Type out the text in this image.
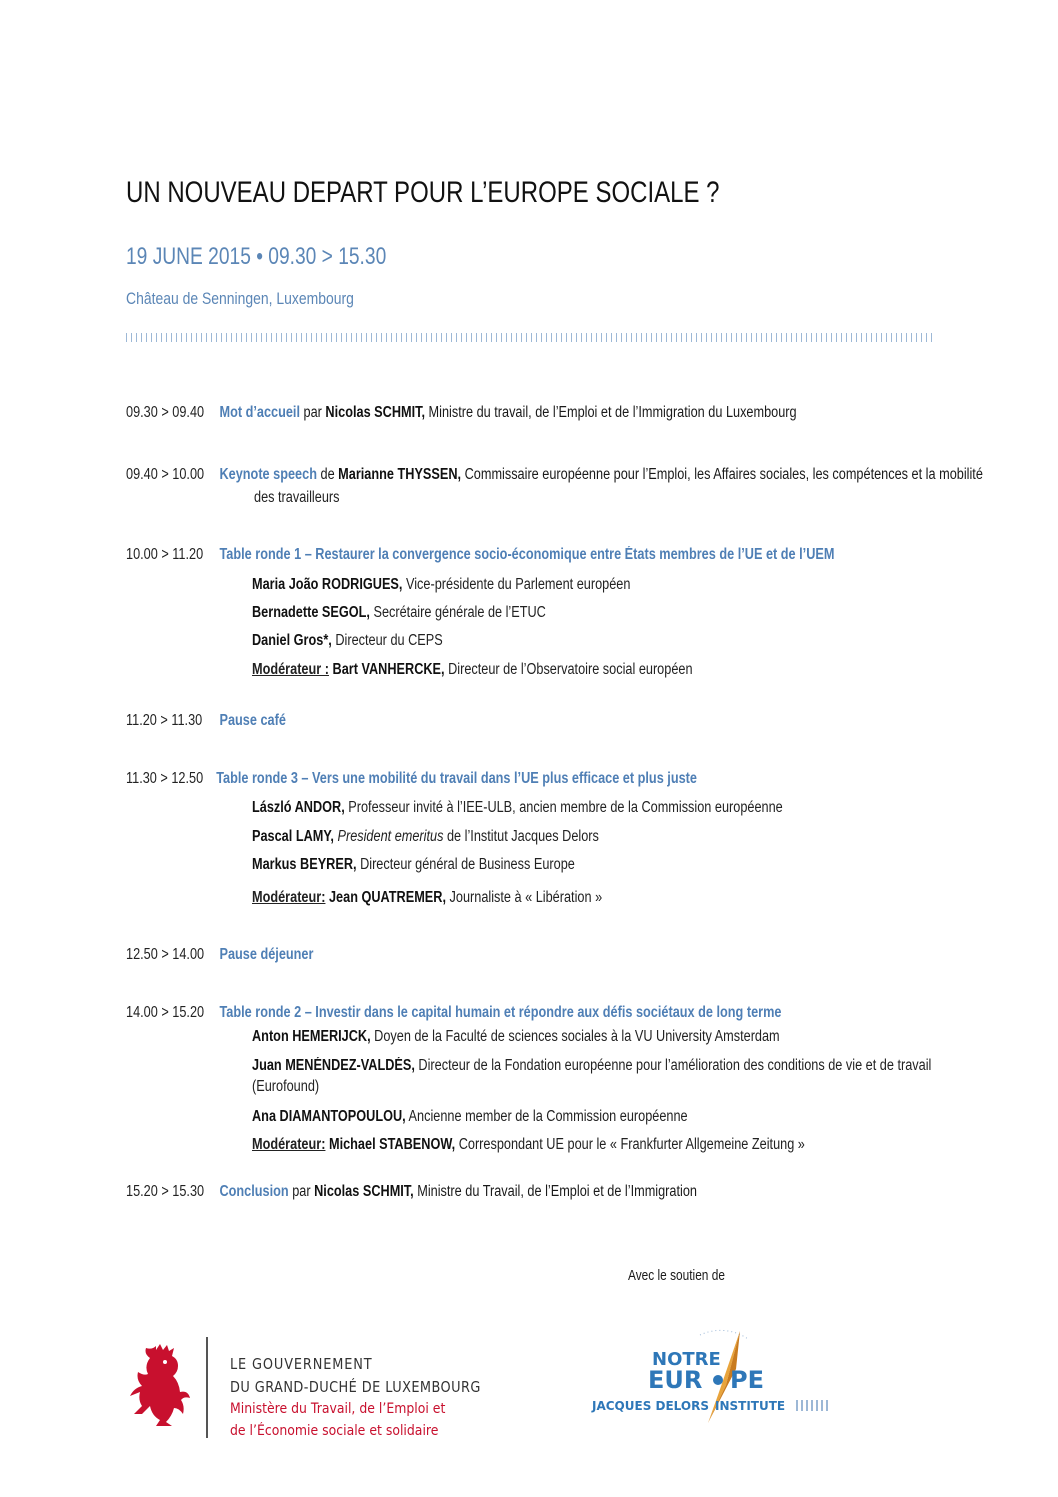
UN NOUVEAU DEPART POUR L’EUROPE SOCIALE ?
19 JUNE 2015 • 09.30 > 15.30
Château de Senningen, Luxembourg
09.30 > 09.40 Mot d’accueil par Nicolas SCHMIT, Ministre du travail, de l’Emploi et de l’Immigration du Luxembourg
09.40 > 10.00 Keynote speech de Marianne THYSSEN, Commissaire européenne pour l’Emploi, les Affaires sociales, les compétences et la mobilité
des travailleurs
10.00 > 11.20 Table ronde 1 – Restaurer la convergence socio-économique entre États membres de l’UE et de l’UEM
Maria João RODRIGUES, Vice-présidente du Parlement européen
Bernadette SEGOL, Secrétaire générale de l’ETUC
Daniel Gros*, Directeur du CEPS
Modérateur : Bart VANHERCKE, Directeur de l’Observatoire social européen
11.20 > 11.30 Pause café
11.30 > 12.50 Table ronde 3 – Vers une mobilité du travail dans l’UE plus efficace et plus juste
László ANDOR, Professeur invité à l’IEE-ULB, ancien membre de la Commission européenne
Pascal LAMY, President emeritus de l’Institut Jacques Delors
Markus BEYRER, Directeur général de Business Europe
Modérateur: Jean QUATREMER, Journaliste à « Libération »
12.50 > 14.00 Pause déjeuner
14.00 > 15.20 Table ronde 2 – Investir dans le capital humain et répondre aux défis sociétaux de long terme
Anton HEMERIJCK, Doyen de la Faculté de sciences sociales à la VU University Amsterdam
Juan MENÉNDEZ-VALDÉS, Directeur de la Fondation européenne pour l’amélioration des conditions de vie et de travail
(Eurofound)
Ana DIAMANTOPOULOU, Ancienne member de la Commission européenne
Modérateur: Michael STABENOW, Correspondant UE pour le « Frankfurter Allgemeine Zeitung »
15.20 > 15.30 Conclusion par Nicolas SCHMIT, Ministre du Travail, de l’Emploi et de l’Immigration
Avec le soutien de
LE GOUVERNEMENT
DU GRAND-DUCHÉ DE LUXEMBOURG
Ministère du Travail, de l’Emploi et
de l’Économie sociale et solidaire
NOTRE
EUR PE
JACQUES DELORS INSTITUTE
